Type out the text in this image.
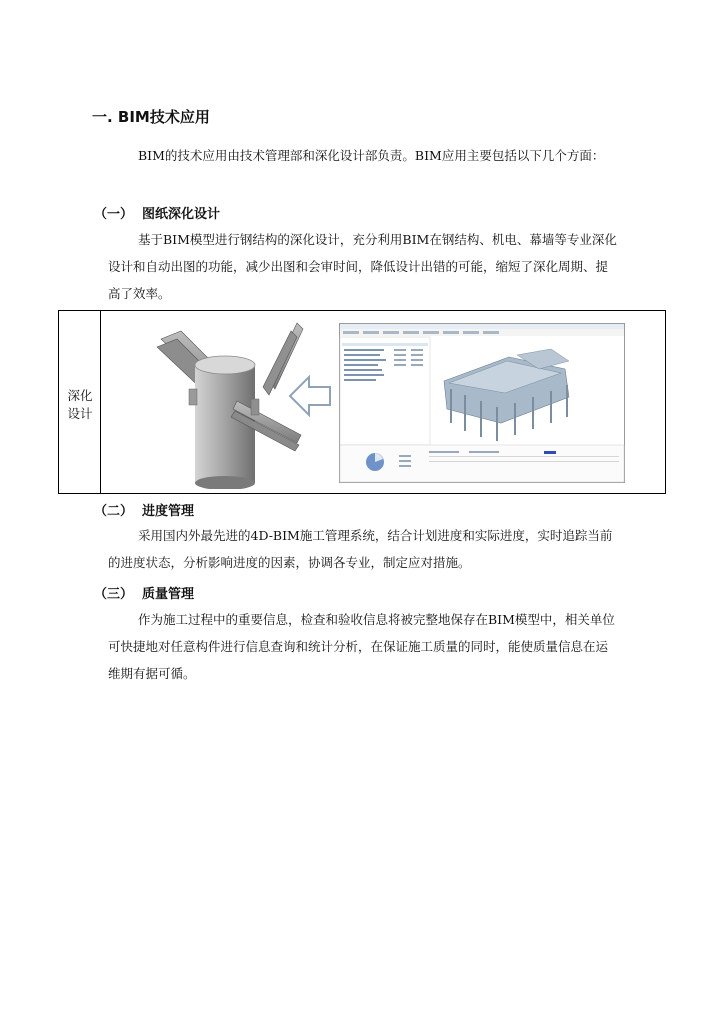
一. BIM技术应用
BIM的技术应用由技术管理部和深化设计部负责。BIM应用主要包括以下几个方面：
（一） 图纸深化设计
基于BIM模型进行钢结构的深化设计，充分利用BIM在钢结构、机电、幕墙等专业深化设计和自动出图的功能，减少出图和会审时间，降低设计出错的可能，缩短了深化周期、提高了效率。
深化
设计
（二） 进度管理
采用国内外最先进的4D-BIM施工管理系统，结合计划进度和实际进度，实时追踪当前的进度状态，分析影响进度的因素，协调各专业，制定应对措施。
（三） 质量管理
作为施工过程中的重要信息，检查和验收信息将被完整地保存在BIM模型中，相关单位可快捷地对任意构件进行信息查询和统计分析，在保证施工质量的同时，能使质量信息在运维期有据可循。
